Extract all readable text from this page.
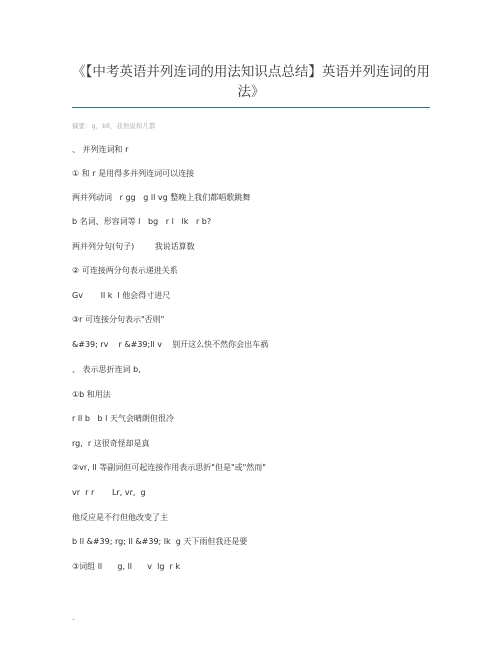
《【中考英语并列连词的用法知识点总结】英语并列连词的用法》
摘要：g，bll，我他说和几都
、 并列连词和 r
① 和 r 是用得多并列连词可以连接
两并列动词   r gg   g ll vg 整晚上我们都唱歌跳舞
b 名词、形容词等 l   bg   r l   lk   r b?
两并列分句(句子)        我说话算数
② 可连接两分句表示递进关系
Gv       ll k  l 他会得寸进尺
③r 可连接分句表示"否则"
&#39; rv    r &#39;ll v    别开这么快不然你会出车祸
、 表示思折连词 b,
①b 和用法
r ll b   b l 天气会晴朗但很冷
rg,  r 这很奇怪却是真
②vr, ll 等副词但可起连接作用表示思折"但是"或"然而"
vr  r r       Lr, vr,  g
他反应是不行但他改变了主
b ll &#39; rg; ll &#39; lk  g 天下雨但我还是要
③词组 ll      g, ll      v  lg  r k
.
